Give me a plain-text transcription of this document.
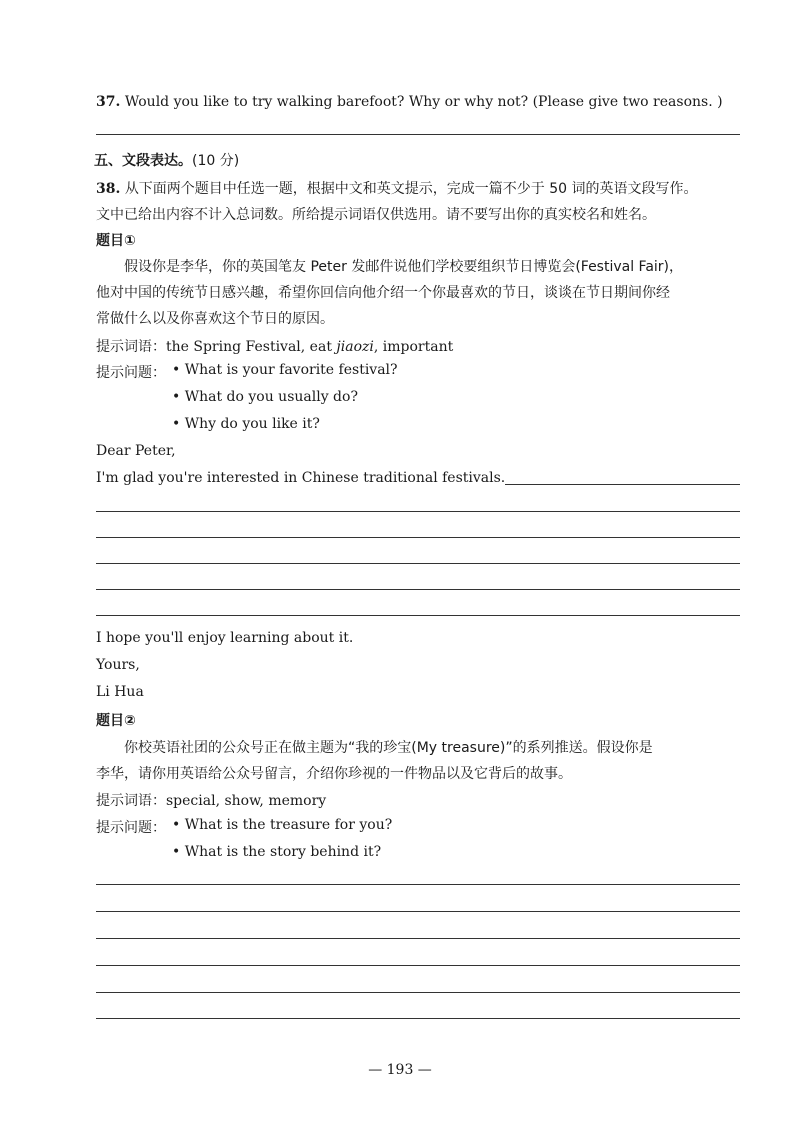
37. Would you like to try walking barefoot? Why or why not? (Please give two reasons. )
五、文段表达。(10 分)
38. 从下面两个题目中任选一题，根据中文和英文提示，完成一篇不少于 50 词的英语文段写作。
文中已给出内容不计入总词数。所给提示词语仅供选用。请不要写出你的真实校名和姓名。
题目①
假设你是李华，你的英国笔友 Peter 发邮件说他们学校要组织节日博览会(Festival Fair)，
他对中国的传统节日感兴趣，希望你回信向他介绍一个你最喜欢的节日，谈谈在节日期间你经
常做什么以及你喜欢这个节日的原因。
提示词语：the Spring Festival, eat jiaozi, important
提示问题： • What is your favorite festival?
• What do you usually do?
• Why do you like it?
Dear Peter,
I'm glad you're interested in Chinese traditional festivals.
I hope you'll enjoy learning about it.
Yours,
Li Hua
题目②
你校英语社团的公众号正在做主题为“我的珍宝(My treasure)”的系列推送。假设你是
李华，请你用英语给公众号留言，介绍你珍视的一件物品以及它背后的故事。
提示词语：special, show, memory
提示问题： • What is the treasure for you?
• What is the story behind it?
— 193 —
